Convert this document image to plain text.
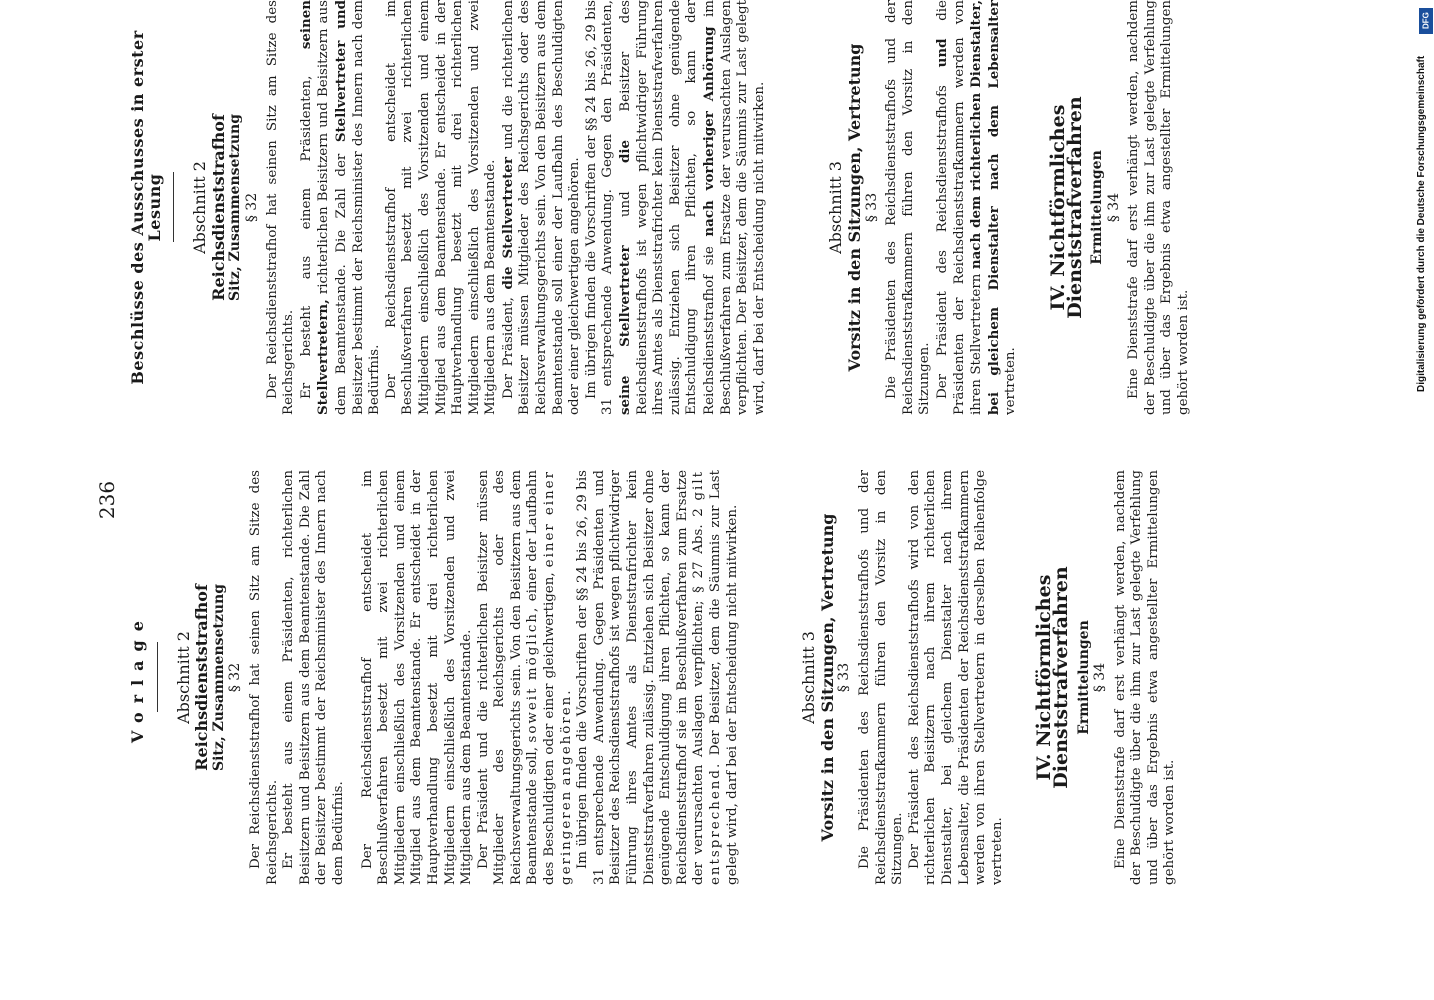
236
Vorlage Abschnitt 2 Reichsdienststrafhof Sitz, Zusammensetzung § 32 Der Reichsdienststrafhof hat seinen Sitz am Sitze des Reichsgerichts. Er besteht aus einem Präsidenten, richterlichen Beisitzern und Beisitzern aus dem Beamtenstande. Die Zahl der Beisitzer bestimmt der Reichsminister des Innern nach dem Bedürfnis. Der Reichsdienststrafhof entscheidet im Beschlußverfahren besetzt mit zwei richterlichen Mitgliedern einschließlich des Vorsitzenden und einem Mitglied aus dem Beamtenstande. Er entscheidet in der Hauptverhandlung besetzt mit drei richterlichen Mitgliedern einschließlich des Vorsitzenden und zwei Mitgliedern aus dem Beamtenstande. Der Präsident und die richterlichen Beisitzer müssen Mitglieder des Reichsgerichts oder des Reichsverwaltungsgerichts sein. Von den Beisitzern aus dem Beamtenstande soll, soweit möglich, einer der Laufbahn des Beschuldigten oder einer gleichwertigen, einer einer geringeren angehören. Im übrigen finden die Vorschriften der §§ 24 bis 26, 29 bis 31 entsprechende Anwendung. Gegen Präsidenten und Beisitzer des Reichsdienststrafhofs ist wegen pflichtwidriger Führung ihres Amtes als Dienststrafrichter kein Dienststrafverfahren zulässig. Entziehen sich Beisitzer ohne genügende Entschuldigung ihren Pflichten, so kann der Reichsdienststrafhof sie im Beschlußverfahren zum Ersatze der verursachten Auslagen verpflichten; § 27 Abs. 2 gilt entsprechend. Der Beisitzer, dem die Säumnis zur Last gelegt wird, darf bei der Entscheidung nicht mitwirken.	Abschnitt 3 Vorsitz in den Sitzungen, Vertretung § 33 Die Präsidenten des Reichsdienststrafhofs und der Reichsdienststrafkammern führen den Vorsitz in den Sitzungen. Der Präsident des Reichsdienststrafhofs wird von den richterlichen Beisitzern nach ihrem richterlichen Dienstalter, bei gleichem Dienstalter nach ihrem Lebensalter, die Präsidenten der Reichsdienststrafkammern werden von ihren Stellvertretern in derselben Reihenfolge vertreten.

IV. Nichtförmliches Dienststrafverfahren Ermittelungen § 34 Eine Dienststrafe darf erst verhängt werden, nachdem der Beschuldigte über die ihm zur Last gelegte Verfehlung und über das Ergebnis etwa angestellter Ermittelungen gehört worden ist.

Beschlüsse des Ausschusses in erster Lesung Abschnitt 2 Reichsdienststrafhof Sitz, Zusammensetzung § 32 Der Reichsdienststrafhof hat seinen Sitz am Sitze des Reichsgerichts. Er besteht aus einem Präsidenten, seinen Stellvertretern, richterlichen Beisitzern und Beisitzern aus dem Beamtenstande. Die Zahl der Stellvertreter und Beisitzer bestimmt der Reichsminister des Innern nach dem Bedürfnis. Der Reichsdienststrafhof entscheidet im Beschlußverfahren besetzt mit zwei richterlichen Mitgliedern einschließlich des Vorsitzenden und einem Mitglied aus dem Beamtenstande. Er entscheidet in der Hauptverhandlung besetzt mit drei richterlichen Mitgliedern einschließlich des Vorsitzenden und zwei Mitgliedern aus dem Beamtenstande. Der Präsident, die Stellvertreter und die richterlichen Beisitzer müssen Mitglieder des Reichsgerichts oder des Reichsverwaltungsgerichts sein. Von den Beisitzern aus dem Beamtenstande soll einer der Laufbahn des Beschuldigten oder einer gleichwertigen angehören. Im übrigen finden die Vorschriften der §§ 24 bis 26, 29 bis 31 entsprechende Anwendung. Gegen den Präsidenten, seine Stellvertreter und die Beisitzer des Reichsdienststrafhofs ist wegen pflichtwidriger Führung ihres Amtes als Dienststrafrichter kein Dienststrafverfahren zulässig. Entziehen sich Beisitzer ohne genügende Entschuldigung ihren Pflichten, so kann der Reichsdienststrafhof sie nach vorheriger Anhörung im Beschlußverfahren zum Ersatze der verursachten Auslagen verpflichten. Der Beisitzer, dem die Säumnis zur Last gelegt wird, darf bei der Entscheidung nicht mitwirken.	Abschnitt 3 Vorsitz in den Sitzungen, Vertretung § 33 Die Präsidenten des Reichsdienststrafhofs und der Reichsdienststrafkammern führen den Vorsitz in den Sitzungen. Der Präsident des Reichsdienststrafhofs und die Präsidenten der Reichsdienststrafkammern werden von ihren Stellvertretern nach dem richterlichen Dienstalter, bei gleichem Dienstalter nach dem Lebensalter vertreten.

IV. Nichtförmliches Dienststrafverfahren Ermittelungen § 34 Eine Dienststrafe darf erst verhängt werden, nachdem der Beschuldigte über die ihm zur Last gelegte Verfehlung und über das Ergebnis etwa angestellter Ermittelungen gehört worden ist.

DFG
Digitalisierung gefördert durch die Deutsche Forschungsgemeinschaft
